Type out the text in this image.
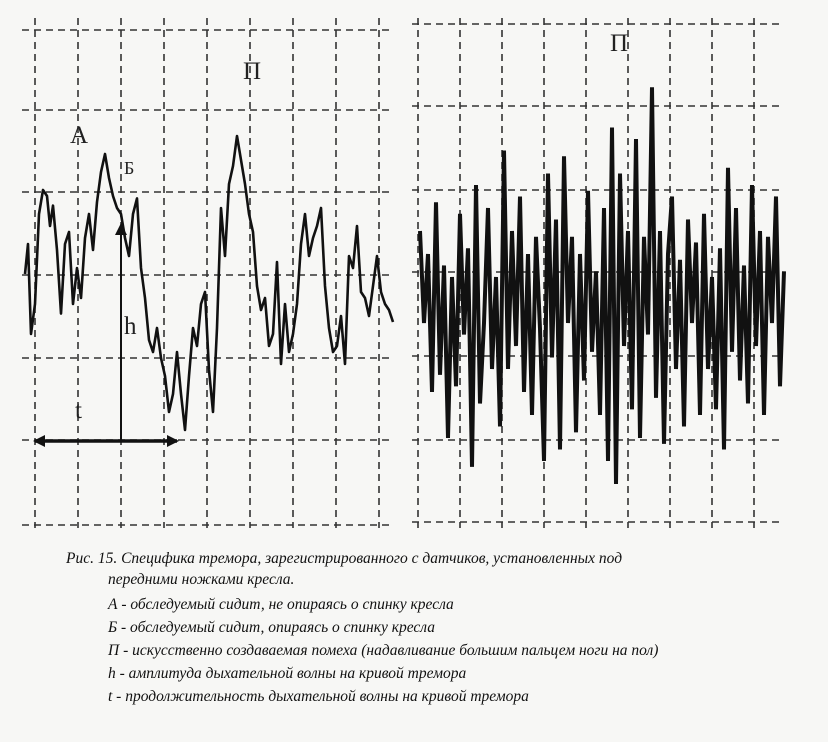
П
A
Б
h
t
П
Рис. 15. Специфика тремора, зарегистрированного с датчиков, установленных под
передними ножками кресла.
А - обследуемый сидит, не опираясь о спинку кресла
Б - обследуемый сидит, опираясь о спинку кресла
П - искусственно создаваемая помеха (надавливание большим пальцем ноги на пол)
h - амплитуда дыхательной волны на кривой тремора
t - продолжительность дыхательной волны на кривой тремора
